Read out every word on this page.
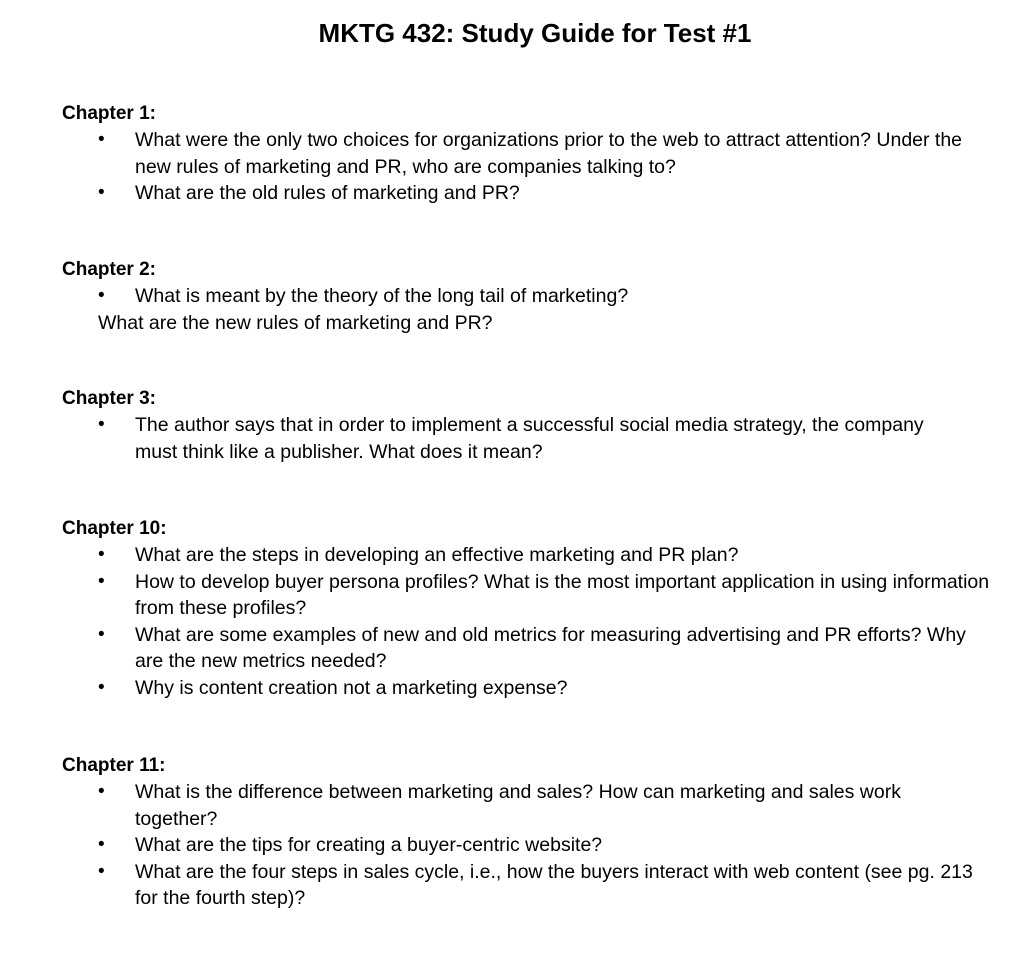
MKTG 432: Study Guide for Test #1
Chapter 1:
• What were the only two choices for organizations prior to the web to attract attention? Under the new rules of marketing and PR, who are companies talking to?
• What are the old rules of marketing and PR?
Chapter 2:
• What is meant by the theory of the long tail of marketing?
What are the new rules of marketing and PR?
Chapter 3:
• The author says that in order to implement a successful social media strategy, the company must think like a publisher. What does it mean?
Chapter 10:
• What are the steps in developing an effective marketing and PR plan?
• How to develop buyer persona profiles? What is the most important application in using information from these profiles?
• What are some examples of new and old metrics for measuring advertising and PR efforts? Why are the new metrics needed?
• Why is content creation not a marketing expense?
Chapter 11:
• What is the difference between marketing and sales? How can marketing and sales work together?
• What are the tips for creating a buyer-centric website?
• What are the four steps in sales cycle, i.e., how the buyers interact with web content (see pg. 213 for the fourth step)?
